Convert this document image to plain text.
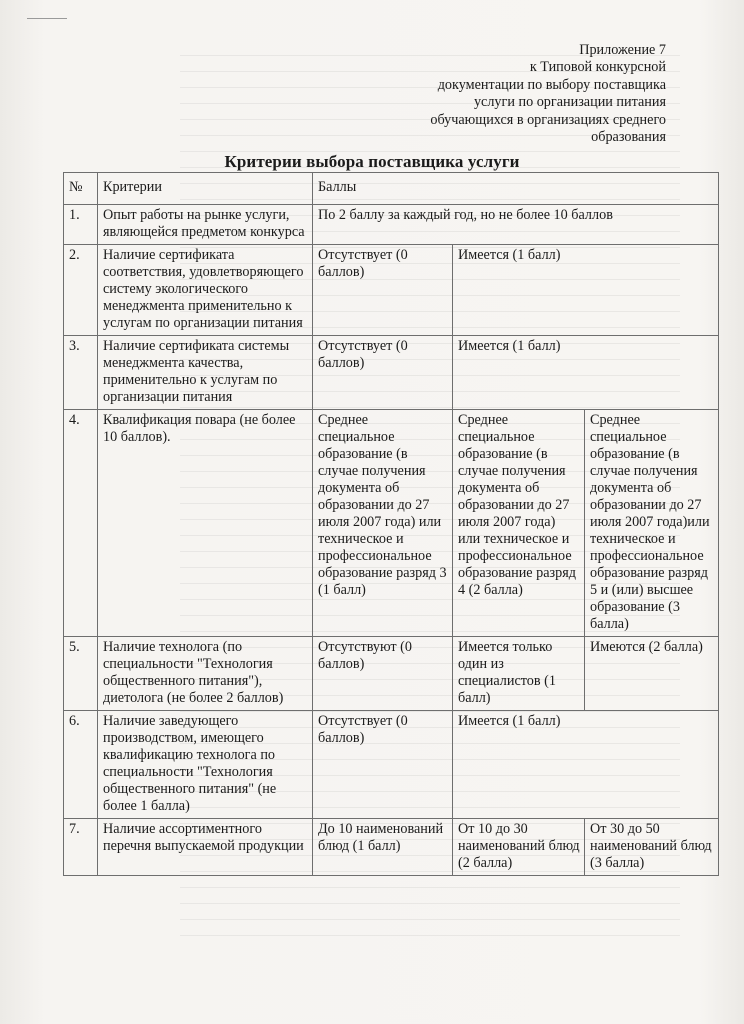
Приложение 7
к Типовой конкурсной
документации по выбору поставщика
услуги по организации питания
обучающихся в организациях среднего
образования
Критерии выбора поставщика услуги
№	Критерии	Баллы		
1.	Опыт работы на рынке услуги, являющейся предметом конкурса	По 2 баллу за каждый год, но не более 10 баллов		
2.	Наличие сертификата соответствия, удовлетворяющего систему экологического менеджмента применительно к услугам по организации питания	Отсутствует (0 баллов)	Имеется (1 балл)	
3.	Наличие сертификата системы менеджмента качества, применительно к услугам по организации питания	Отсутствует (0 баллов)	Имеется (1 балл)	
4.	Квалификация повара (не более 10 баллов).	Среднее специальное образование (в случае получения документа об образовании до 27 июля 2007 года) или техническое и профессиональное образование разряд 3 (1 балл)	Среднее специальное образование (в случае получения документа об образовании до 27 июля 2007 года) или техническое и профессиональное образование разряд 4 (2 балла)	Среднее специальное образование (в случае получения документа об образовании до 27 июля 2007 года)или техническое и профессиональное образование разряд 5 и (или) высшее образование (3 балла)
5.	Наличие технолога (по специальности "Технология общественного питания"), диетолога (не более 2 баллов)	Отсутствуют (0 баллов)	Имеется только один из специалистов (1 балл)	Имеются (2 балла)
6.	Наличие заведующего производством, имеющего квалификацию технолога по специальности "Технология общественного питания" (не более 1 балла)	Отсутствует (0 баллов)	Имеется (1 балл)	
7.	Наличие ассортиментного перечня выпускаемой продукции	До 10 наименований блюд (1 балл)	От 10 до 30 наименований блюд (2 балла)	От 30 до 50 наименований блюд (3 балла)
